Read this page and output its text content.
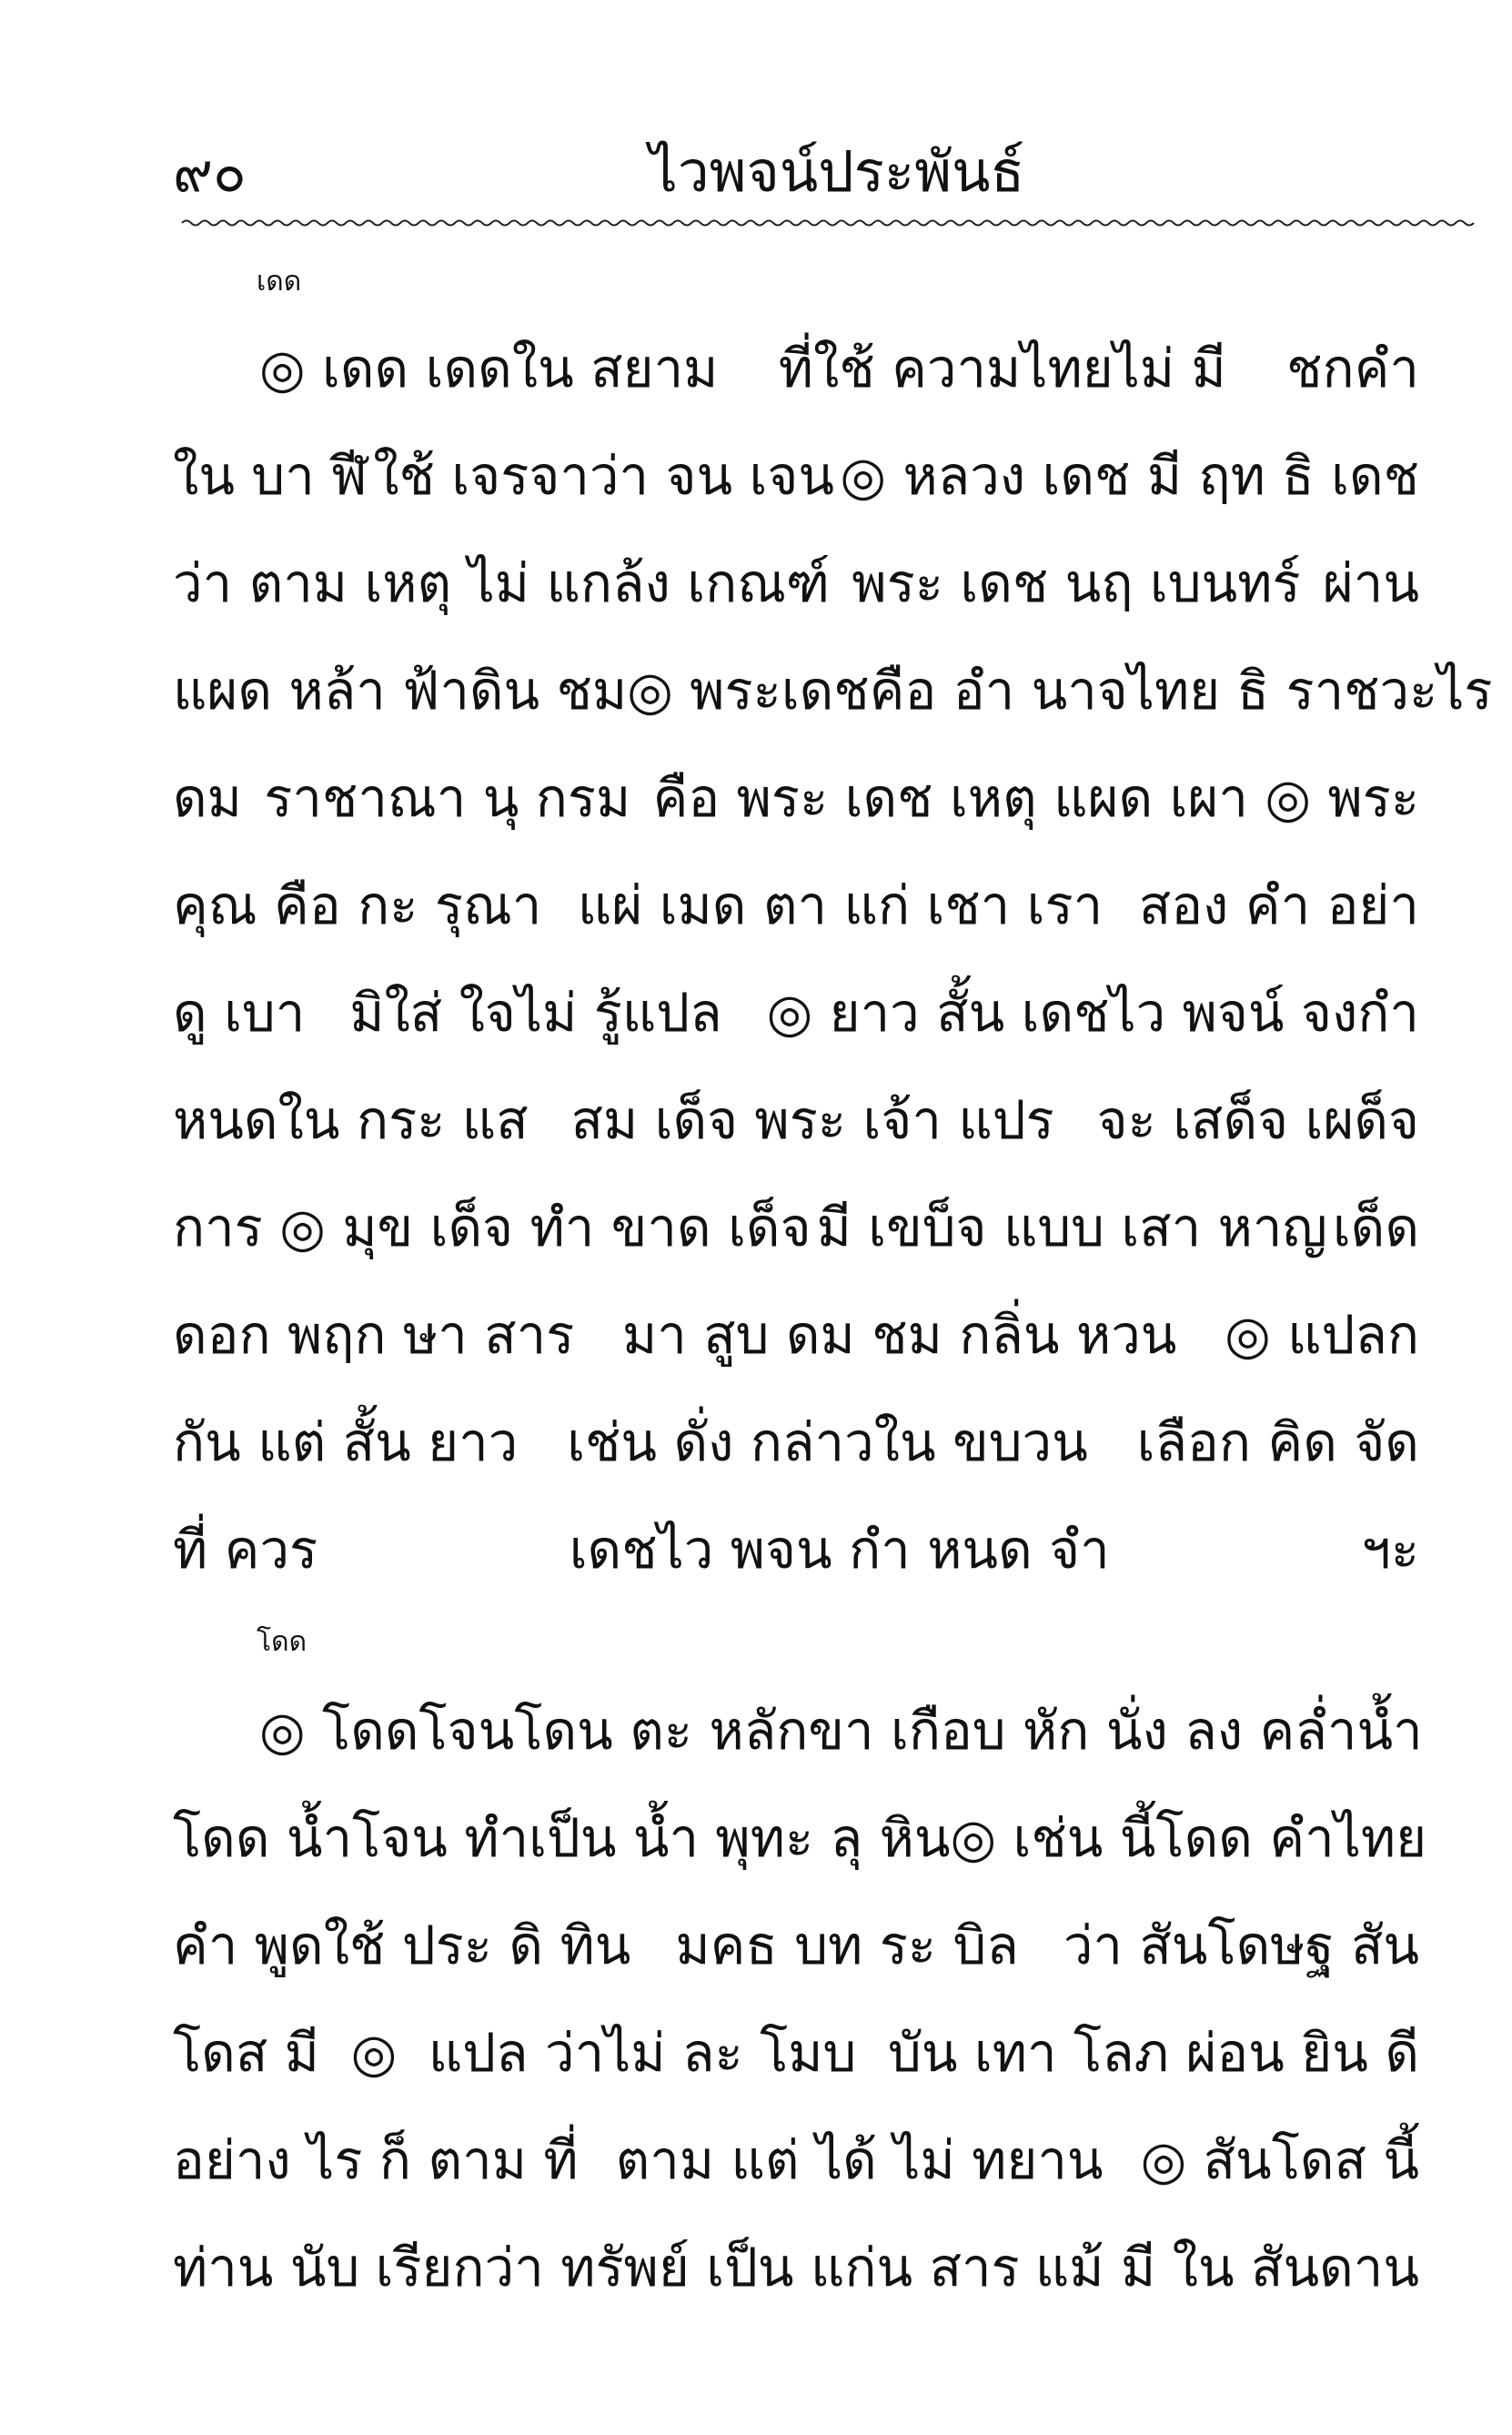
๙๐	ไวพจน์ประพันธ์
เดด
◎ เดด เดดใน สยาม ที่ใช้ ความไทยไม่ มี ชกคำ
ใน บา ฬี ใช้ เจรจาว่า จน เจน ◎ หลวง เดช มี ฤท ธิ เดช
ว่า ตาม เหตุ ไม่ แกล้ง เกณฑ์ พระ เดช นฤ เบนทร์ ผ่าน
แผด หล้า ฟ้าดิน ชม ◎ พระเดชคือ อำ นาจ ไทย ธิ ราชวะไร
ดม ราชาณา นุ กรม คือ พระ เดช เหตุ แผด เผา ◎ พระ
คุณ คือ กะ รุณา แผ่ เมด ตา แก่ เชา เรา สอง คำ อย่า
ดู เบา มิใส่ ใจไม่ รู้แปล ◎ ยาว สั้น เดชไว พจน์ จงกำ
หนดใน กระ แส สม เด็จ พระ เจ้า แปร จะ เสด็จ เผด็จ
การ ◎ มุข เด็จ ทำ ขาด เด็จ มี เขบ็จ แบบ เสา หาญ เด็ด
ดอก พฤก ษา สาร มา สูบ ดม ชม กลิ่น หวน ◎ แปลก
กัน แต่ สั้น ยาว เช่น ดั่ง กล่าวใน ขบวน เลือก คิด จัด
ที่ ควร	เดชไว พจน กำ หนด จำ	ฯะ
โดด
◎ โดดโจนโดน ตะ หลัก ขา เกือบ หัก นั่ง ลง คล่ำ น้ำ
โดด น้ำโจน ทำ เป็น น้ำ พุทะ ลุ หิน ◎ เช่น นี้โดด คำไทย
คำ พูดใช้ ประ ดิ ทิน มคธ บท ระ บิล ว่า สันโดษฐ สัน
โดส มี ◎ แปล ว่าไม่ ละ โมบ บัน เทา โลภ ผ่อน ยิน ดี
อย่าง ไร ก็ ตาม ที่ ตาม แต่ ได้ ไม่ ทยาน ◎ สันโดส นี้
ท่าน นับ เรียกว่า ทรัพย์ เป็น แก่น สาร แม้ มี ใน สันดาน
